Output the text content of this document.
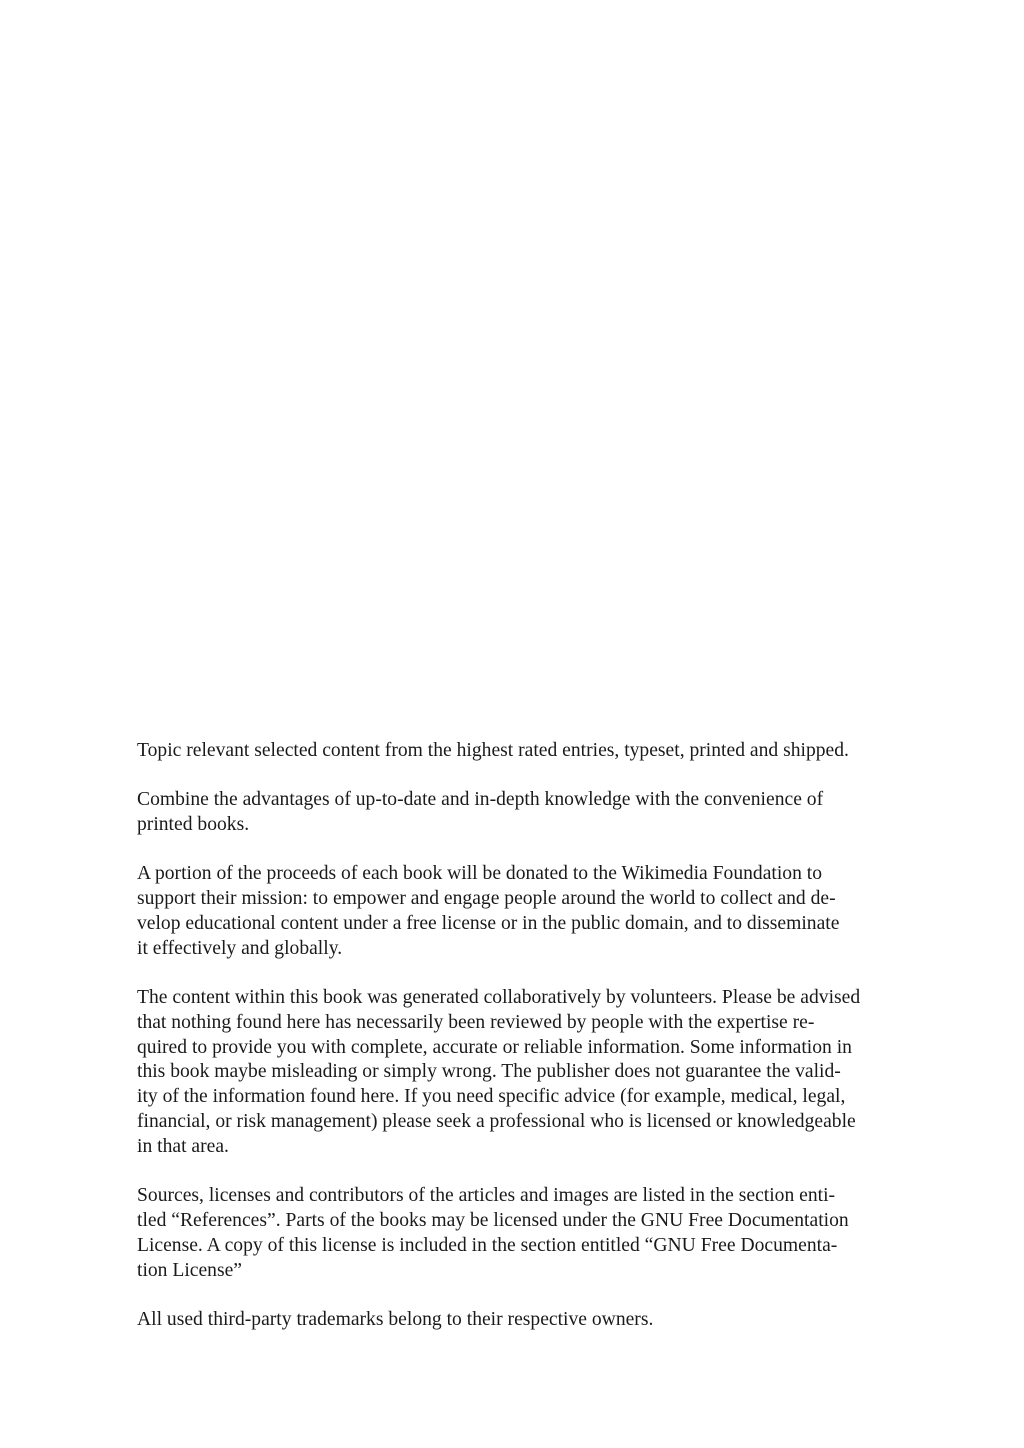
Topic relevant selected content from the highest rated entries, typeset, printed and shipped.

Combine the advantages of up-to-date and in-depth knowledge with the convenience of
printed books.

A portion of the proceeds of each book will be donated to the Wikimedia Foundation to
support their mission: to empower and engage people around the world to collect and de-
velop educational content under a free license or in the public domain, and to disseminate
it effectively and globally.

The content within this book was generated collaboratively by volunteers. Please be advised
that nothing found here has necessarily been reviewed by people with the expertise re-
quired to provide you with complete, accurate or reliable information. Some information in
this book maybe misleading or simply wrong. The publisher does not guarantee the valid-
ity of the information found here. If you need specific advice (for example, medical, legal,
financial, or risk management) please seek a professional who is licensed or knowledgeable
in that area.

Sources, licenses and contributors of the articles and images are listed in the section enti-
tled “References”. Parts of the books may be licensed under the GNU Free Documentation
License. A copy of this license is included in the section entitled “GNU Free Documenta-
tion License”

All used third-party trademarks belong to their respective owners.
